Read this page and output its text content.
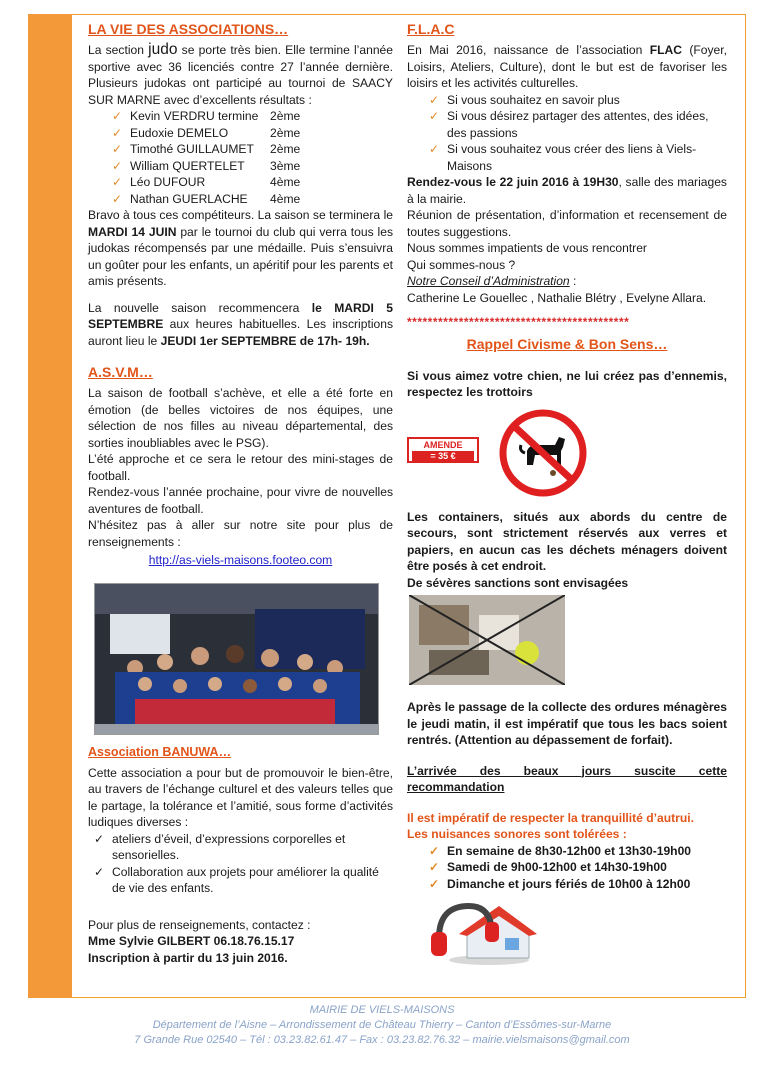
LA VIE DES ASSOCIATIONS…

La section judo se porte très bien. Elle termine l’année sportive avec 36 licenciés contre 27 l’année dernière. Plusieurs judokas ont participé au tournoi de SAACY SUR MARNE avec d’excellents résultats :

✓ Kevin VERDRU termine 2ème
✓ Eudoxie DEMELO	2ème
✓ Timothé GUILLAUMET	2ème
✓ William QUERTELET	3ème
✓ Léo DUFOUR	4ème
✓ Nathan GUERLACHE	4ème

Bravo à tous ces compétiteurs. La saison se terminera le MARDI 14 JUIN par le tournoi du club qui verra tous les judokas récompensés par une médaille. Puis s’ensuivra un goûter pour les enfants, un apéritif pour les parents et amis présents.

La nouvelle saison recommencera le MARDI 5 SEPTEMBRE aux heures habituelles. Les inscriptions auront lieu le JEUDI 1er SEPTEMBRE de 17h- 19h.

A.S.V.M…

La saison de football s’achève, et elle a été forte en émotion (de belles victoires de nos équipes, une sélection de nos filles au niveau départemental, des sorties inoubliables avec le PSG).

L’été approche et ce sera le retour des mini-stages de football.

Rendez-vous l’année prochaine, pour vivre de nouvelles aventures de football.

N’hésitez pas à aller sur notre site pour plus de renseignements :

http://as-viels-maisons.footeo.com
Association BANUWA…

Cette association a pour but de promouvoir le bien-être, au travers de l’échange culturel et des valeurs telles que le partage, la tolérance et l’amitié, sous forme d’activités ludiques diverses :

✓ ateliers d’éveil, d’expressions corporelles et sensorielles.
✓ Collaboration aux projets pour améliorer la qualité de vie des enfants.

Pour plus de renseignements, contactez :

Mme Sylvie GILBERT 06.18.76.15.17

Inscription à partir du 13 juin 2016.

F.L.A.C

En Mai 2016, naissance de l’association FLAC (Foyer, Loisirs, Ateliers, Culture), dont le but est de favoriser les loisirs et les activités culturelles.

✓ Si vous souhaitez en savoir plus
✓ Si vous désirez partager des attentes, des idées, des passions
✓ Si vous souhaitez vous créer des liens à Viels-Maisons

Rendez-vous le 22 juin 2016 à 19H30, salle des mariages à la mairie.

Réunion de présentation, d’information et recensement de toutes suggestions.

Nous sommes impatients de vous rencontrer

Qui sommes-nous ?

Notre Conseil d’Administration :

Catherine Le Gouellec , Nathalie Blétry , Evelyne Allara.

*******************************************
Rappel Civisme & Bon Sens…

Si vous aimez votre chien, ne lui créez pas d’ennemis, respectez les trottoirs

AMENDE
= 35 €

Les containers, situés aux abords du centre de secours, sont strictement réservés aux verres et papiers, en aucun cas les déchets ménagers doivent être posés à cet endroit.

De sévères sanctions sont envisagées

Après le passage de la collecte des ordures ménagères le jeudi matin, il est impératif que tous les bacs soient rentrés. (Attention au dépassement de forfait).

L’arrivée des beaux jours suscite cette recommandation

Il est impératif de respecter la tranquillité d’autrui.

Les nuisances sonores sont tolérées :

✓ En semaine de 8h30-12h00 et 13h30-19h00
✓ Samedi de 9h00-12h00 et 14h30-19h00
✓ Dimanche et jours fériés de 10h00 à 12h00
MAIRIE DE VIELS-MAISONS
Département de l’Aisne – Arrondissement de Château Thierry – Canton d’Essômes-sur-Marne
7 Grande Rue 02540 – Tél : 03.23.82.61.47 – Fax : 03.23.82.76.32 – mairie.vielsmaisons@gmail.com
